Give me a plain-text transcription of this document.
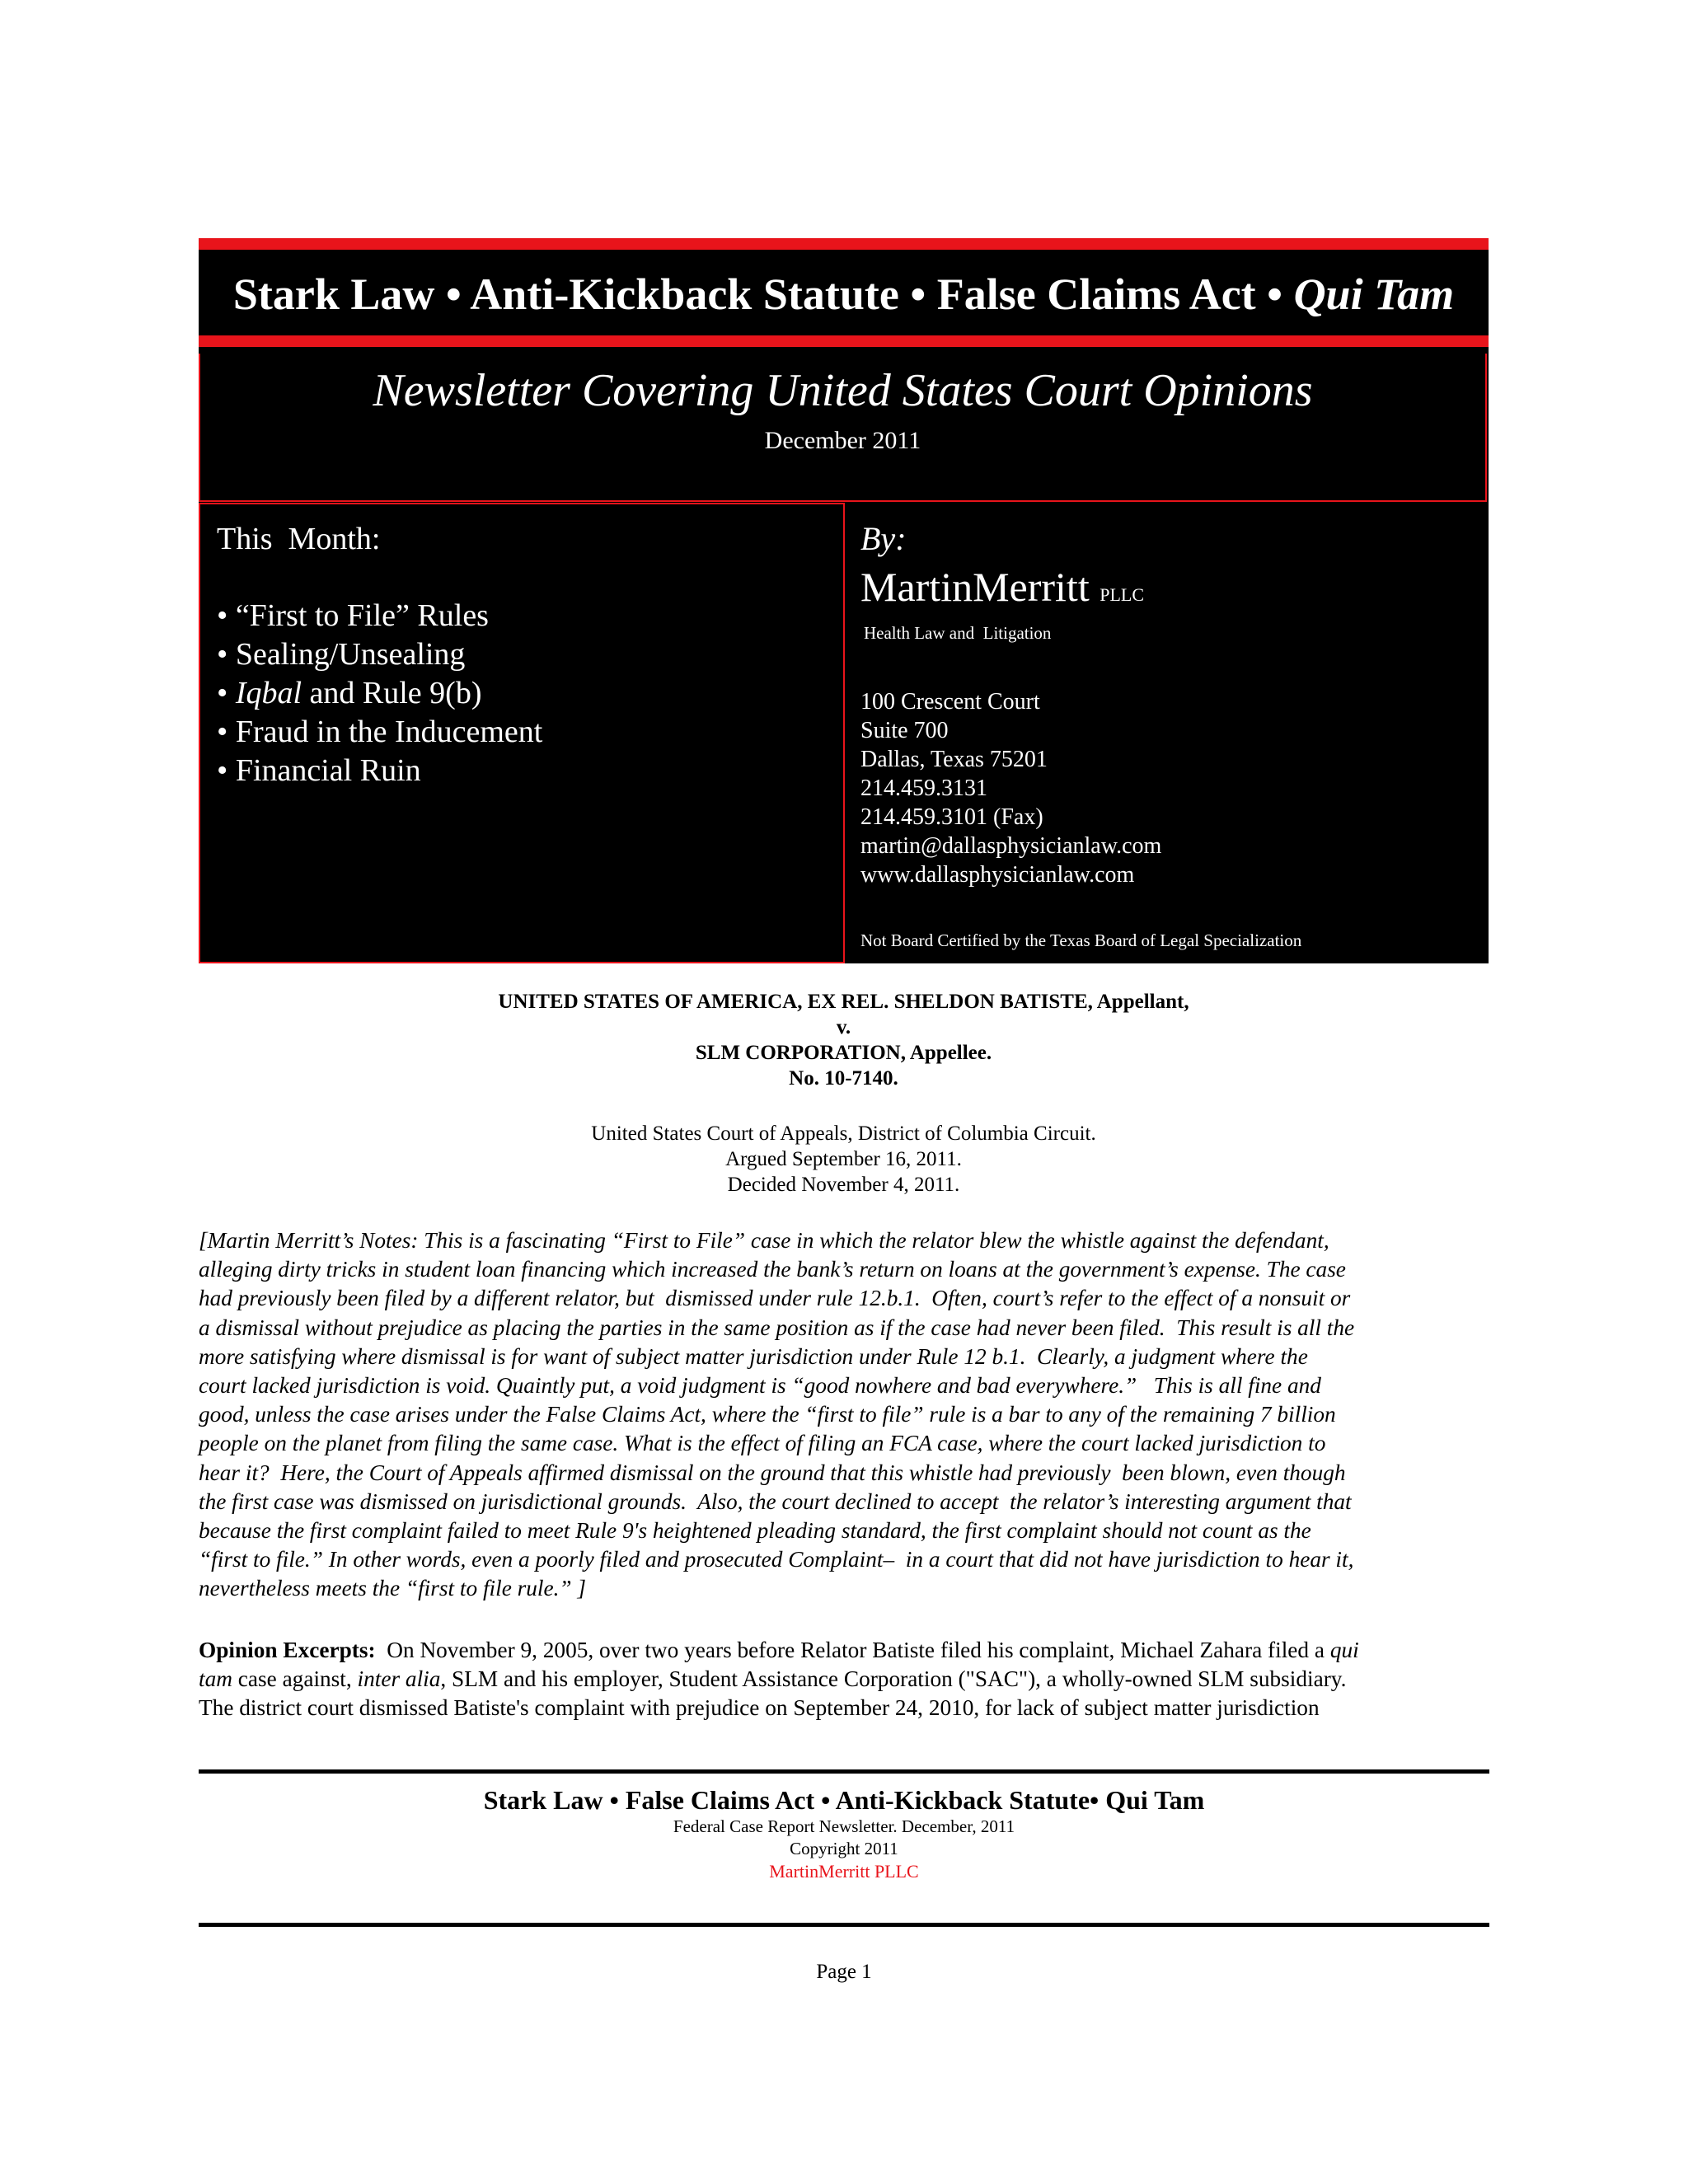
Stark Law • Anti-Kickback Statute • False Claims Act • Qui Tam
Newsletter Covering United States Court Opinions
December 2011
This  Month:
• “First to File” Rules
• Sealing/Unsealing
• Iqbal and Rule 9(b)
• Fraud in the Inducement
• Financial Ruin
By:
MartinMerritt PLLC
Health Law and  Litigation
100 Crescent Court
Suite 700
Dallas, Texas 75201
214.459.3131
214.459.3101 (Fax)
martin@dallasphysicianlaw.com
www.dallasphysicianlaw.com
Not Board Certified by the Texas Board of Legal Specialization
UNITED STATES OF AMERICA, EX REL. SHELDON BATISTE, Appellant,
v.
SLM CORPORATION, Appellee.
No. 10-7140.
United States Court of Appeals, District of Columbia Circuit.
Argued September 16, 2011.
Decided November 4, 2011.
[Martin Merritt’s Notes: This is a fascinating “First to File” case in which the relator blew the whistle against the defendant,
alleging dirty tricks in student loan financing which increased the bank’s return on loans at the government’s expense. The case
had previously been filed by a different relator, but  dismissed under rule 12.b.1.  Often, court’s refer to the effect of a nonsuit or
a dismissal without prejudice as placing the parties in the same position as if the case had never been filed.  This result is all the
more satisfying where dismissal is for want of subject matter jurisdiction under Rule 12 b.1.  Clearly, a judgment where the
court lacked jurisdiction is void. Quaintly put, a void judgment is “good nowhere and bad everywhere.”   This is all fine and
good, unless the case arises under the False Claims Act, where the “first to file” rule is a bar to any of the remaining 7 billion
people on the planet from filing the same case. What is the effect of filing an FCA case, where the court lacked jurisdiction to
hear it?  Here, the Court of Appeals affirmed dismissal on the ground that this whistle had previously  been blown, even though
the first case was dismissed on jurisdictional grounds.  Also, the court declined to accept  the relator’s interesting argument that
because the first complaint failed to meet Rule 9's heightened pleading standard, the first complaint should not count as the
“first to file.” In other words, even a poorly filed and prosecuted Complaint–  in a court that did not have jurisdiction to hear it,
nevertheless meets the “first to file rule.” ]
Opinion Excerpts:  On November 9, 2005, over two years before Relator Batiste filed his complaint, Michael Zahara filed a qui
tam case against, inter alia, SLM and his employer, Student Assistance Corporation ("SAC"), a wholly-owned SLM subsidiary.
The district court dismissed Batiste's complaint with prejudice on September 24, 2010, for lack of subject matter jurisdiction
Stark Law • False Claims Act • Anti-Kickback Statute• Qui Tam
Federal Case Report Newsletter. December, 2011
Copyright 2011
MartinMerritt PLLC
Page 1
